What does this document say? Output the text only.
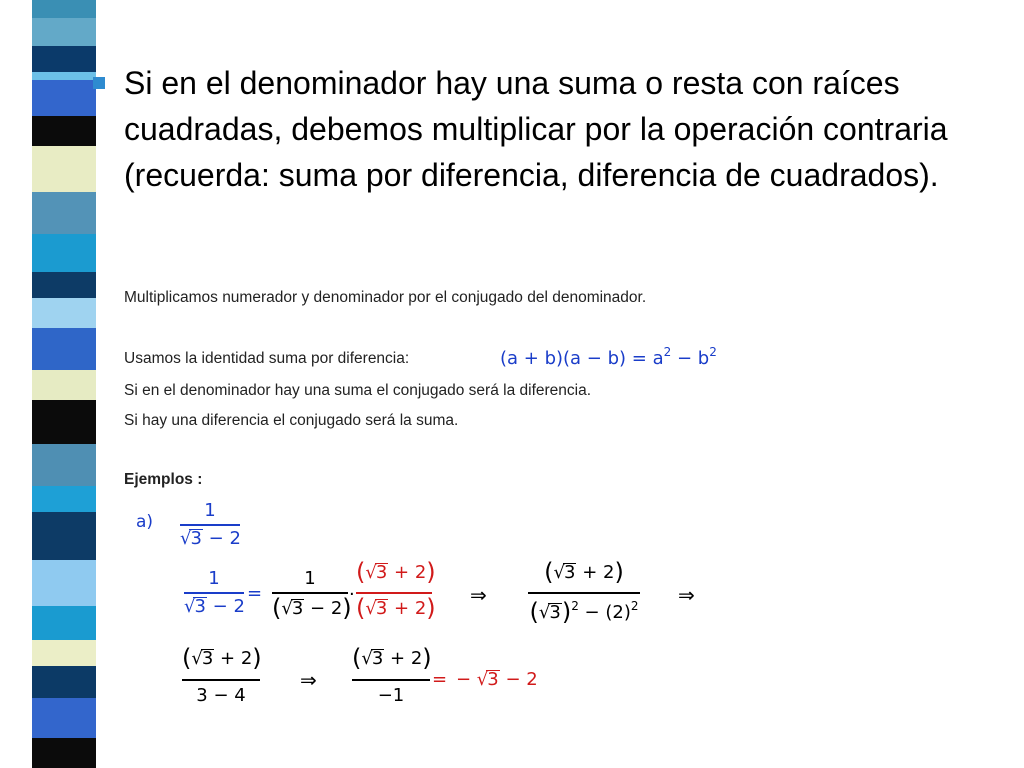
Si en el denominador hay una suma o resta con raíces cuadradas, debemos multiplicar por la operación contraria (recuerda: suma por diferencia, diferencia de cuadrados).

Multiplicamos numerador y denominador por el conjugado del denominador.
Usamos la identidad suma por diferencia:	$(a + b)(a - b) = a^2 - b^2$
Si en el denominador hay una suma el conjugado será la diferencia.
Si hay una diferencia el conjugado será la suma.
Ejemplos :
a)
1
√3 − 2
1
√3 − 2
=
1
(√3 − 2)
·
(√3 + 2)
(√3 + 2) ⇒
(√3 + 2)
$(√3)^2 - (2)^2$ ⇒
(√3 + 2)
3 − 4
⇒
(√3 + 2)
−1
= − √3 − 2
